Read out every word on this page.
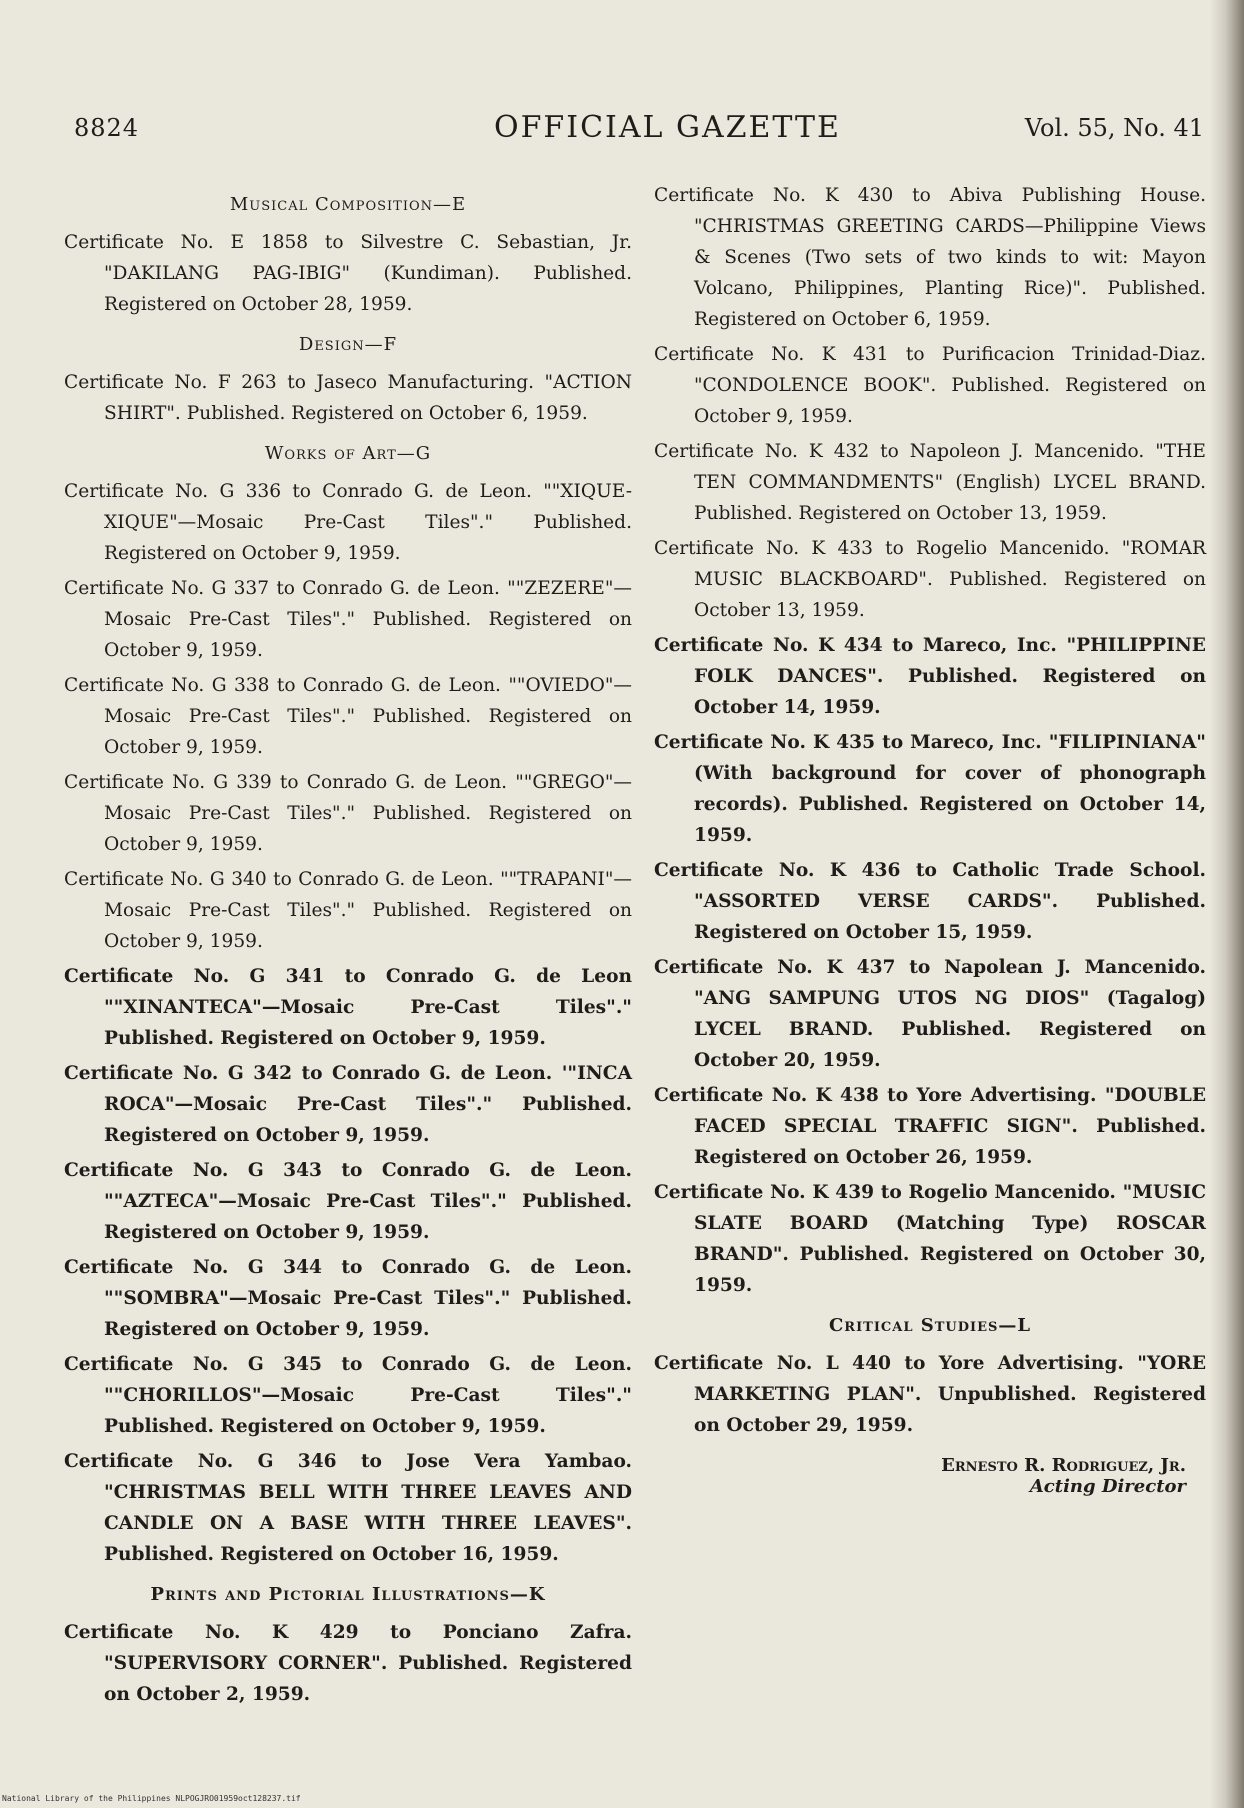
8824	OFFICIAL GAZETTE	Vol. 55, No. 41
Musical Composition—E

Certificate No. E 1858 to Silvestre C. Sebastian, Jr. "DAKILANG PAG-IBIG" (Kundiman). Published. Registered on October 28, 1959.

Design—F

Certificate No. F 263 to Jaseco Manufacturing. "ACTION SHIRT". Published. Registered on October 6, 1959.

Works of Art—G

Certificate No. G 336 to Conrado G. de Leon. ""XIQUE-XIQUE"—Mosaic Pre-Cast Tiles"." Published. Registered on October 9, 1959.

Certificate No. G 337 to Conrado G. de Leon. ""ZEZERE"—Mosaic Pre-Cast Tiles"." Published. Registered on October 9, 1959.

Certificate No. G 338 to Conrado G. de Leon. ""OVIEDO"—Mosaic Pre-Cast Tiles"." Published. Registered on October 9, 1959.

Certificate No. G 339 to Conrado G. de Leon. ""GREGO"—Mosaic Pre-Cast Tiles"." Published. Registered on October 9, 1959.

Certificate No. G 340 to Conrado G. de Leon. ""TRAPANI"—Mosaic Pre-Cast Tiles"." Published. Registered on October 9, 1959.

Certificate No. G 341 to Conrado G. de Leon ""XINANTECA"—Mosaic Pre-Cast Tiles"." Published. Registered on October 9, 1959.

Certificate No. G 342 to Conrado G. de Leon. '"INCA ROCA"—Mosaic Pre-Cast Tiles"." Published. Registered on October 9, 1959.

Certificate No. G 343 to Conrado G. de Leon. ""AZTECA"—Mosaic Pre-Cast Tiles"." Published. Registered on October 9, 1959.

Certificate No. G 344 to Conrado G. de Leon. ""SOMBRA"—Mosaic Pre-Cast Tiles"." Published. Registered on October 9, 1959.

Certificate No. G 345 to Conrado G. de Leon. ""CHORILLOS"—Mosaic Pre-Cast Tiles"." Published. Registered on October 9, 1959.

Certificate No. G 346 to Jose Vera Yambao. "CHRISTMAS BELL WITH THREE LEAVES AND CANDLE ON A BASE WITH THREE LEAVES". Published. Registered on October 16, 1959.

Prints and Pictorial Illustrations—K

Certificate No. K 429 to Ponciano Zafra. "SUPERVISORY CORNER". Published. Registered on October 2, 1959.

Certificate No. K 430 to Abiva Publishing House. "CHRISTMAS GREETING CARDS—Philippine Views & Scenes (Two sets of two kinds to wit: Mayon Volcano, Philippines, Planting Rice)". Published. Registered on October 6, 1959.

Certificate No. K 431 to Purificacion Trinidad-Diaz. "CONDOLENCE BOOK". Published. Registered on October 9, 1959.

Certificate No. K 432 to Napoleon J. Mancenido. "THE TEN COMMANDMENTS" (English) LYCEL BRAND. Published. Registered on October 13, 1959.

Certificate No. K 433 to Rogelio Mancenido. "ROMAR MUSIC BLACKBOARD". Published. Registered on October 13, 1959.

Certificate No. K 434 to Mareco, Inc. "PHILIPPINE FOLK DANCES". Published. Registered on October 14, 1959.

Certificate No. K 435 to Mareco, Inc. "FILIPINIANA" (With background for cover of phonograph records). Published. Registered on October 14, 1959.

Certificate No. K 436 to Catholic Trade School. "ASSORTED VERSE CARDS". Published. Registered on October 15, 1959.

Certificate No. K 437 to Napolean J. Mancenido. "ANG SAMPUNG UTOS NG DIOS" (Tagalog) LYCEL BRAND. Published. Registered on October 20, 1959.

Certificate No. K 438 to Yore Advertising. "DOUBLE FACED SPECIAL TRAFFIC SIGN". Published. Registered on October 26, 1959.

Certificate No. K 439 to Rogelio Mancenido. "MUSIC SLATE BOARD (Matching Type) ROSCAR BRAND". Published. Registered on October 30, 1959.

Critical Studies—L

Certificate No. L 440 to Yore Advertising. "YORE MARKETING PLAN". Unpublished. Registered on October 29, 1959.

Ernesto R. Rodriguez, Jr.
Acting Director
National Library of the Philippines NLPOGJRO01959oct128237.tif
